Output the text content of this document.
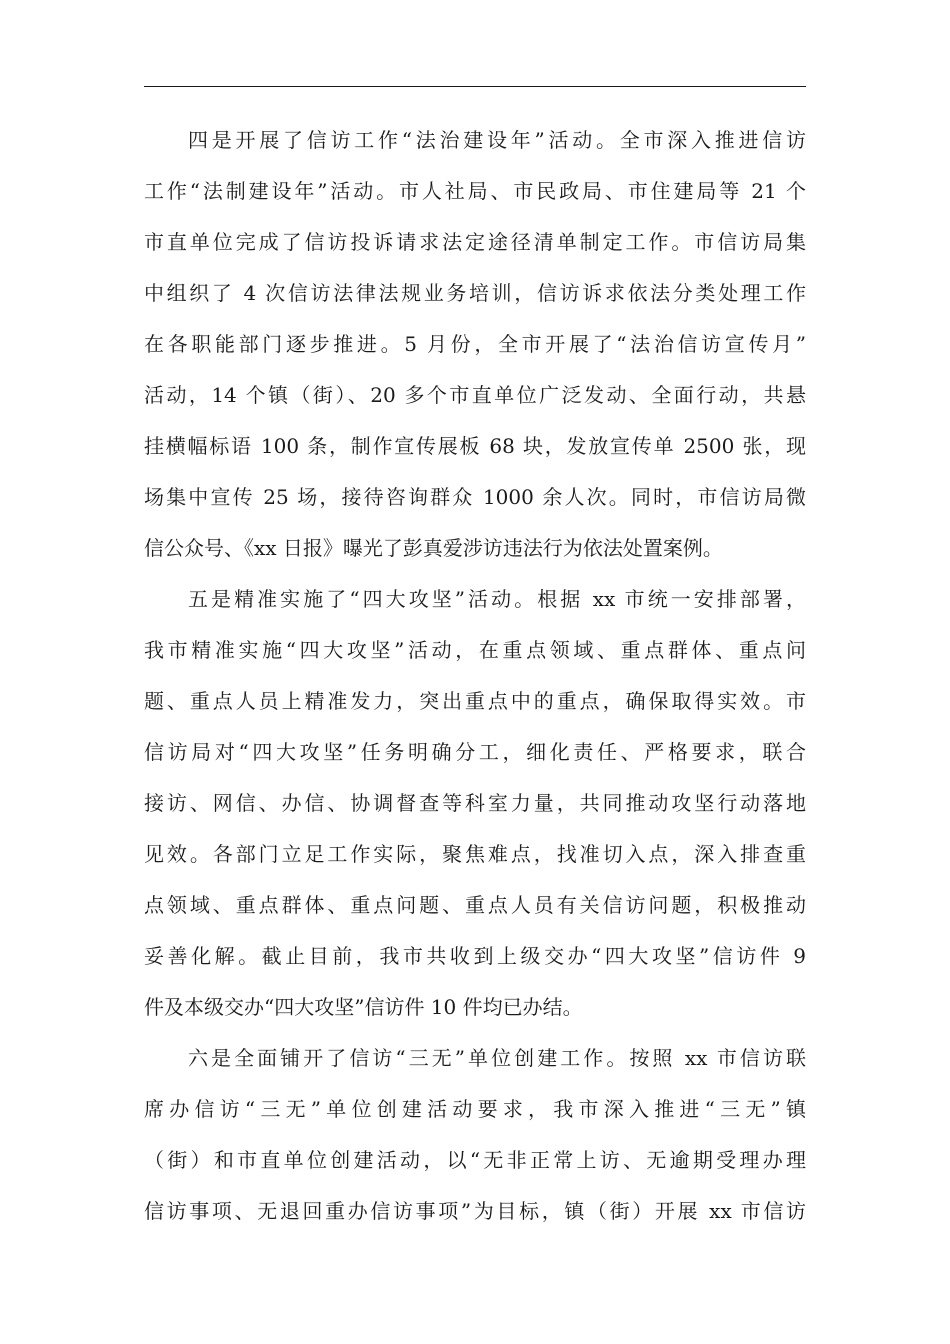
四是开展了信访工作“法治建设年”活动。全市深入推进信访
工作“法制建设年”活动。市人社局、市民政局、市住建局等 21 个
市直单位完成了信访投诉请求法定途径清单制定工作。市信访局集
中组织了 4 次信访法律法规业务培训，信访诉求依法分类处理工作
在各职能部门逐步推进。5 月份，全市开展了“法治信访宣传月”
活动，14 个镇（街）、20 多个市直单位广泛发动、全面行动，共悬
挂横幅标语 100 条，制作宣传展板 68 块，发放宣传单 2500 张，现
场集中宣传 25 场，接待咨询群众 1000 余人次。同时，市信访局微
信公众号、《xx 日报》曝光了彭真爱涉访违法行为依法处置案例。
五是精准实施了“四大攻坚”活动。根据 xx 市统一安排部署，
我市精准实施“四大攻坚”活动，在重点领域、重点群体、重点问
题、重点人员上精准发力，突出重点中的重点，确保取得实效。市
信访局对“四大攻坚”任务明确分工，细化责任、严格要求，联合
接访、网信、办信、协调督查等科室力量，共同推动攻坚行动落地
见效。各部门立足工作实际，聚焦难点，找准切入点，深入排查重
点领域、重点群体、重点问题、重点人员有关信访问题，积极推动
妥善化解。截止目前，我市共收到上级交办“四大攻坚”信访件 9
件及本级交办“四大攻坚”信访件 10 件均已办结。
六是全面铺开了信访“三无”单位创建工作。按照 xx 市信访联
席办信访“三无”单位创建活动要求，我市深入推进“三无”镇
（街）和市直单位创建活动，以“无非正常上访、无逾期受理办理
信访事项、无退回重办信访事项”为目标，镇（街）开展 xx 市信访
